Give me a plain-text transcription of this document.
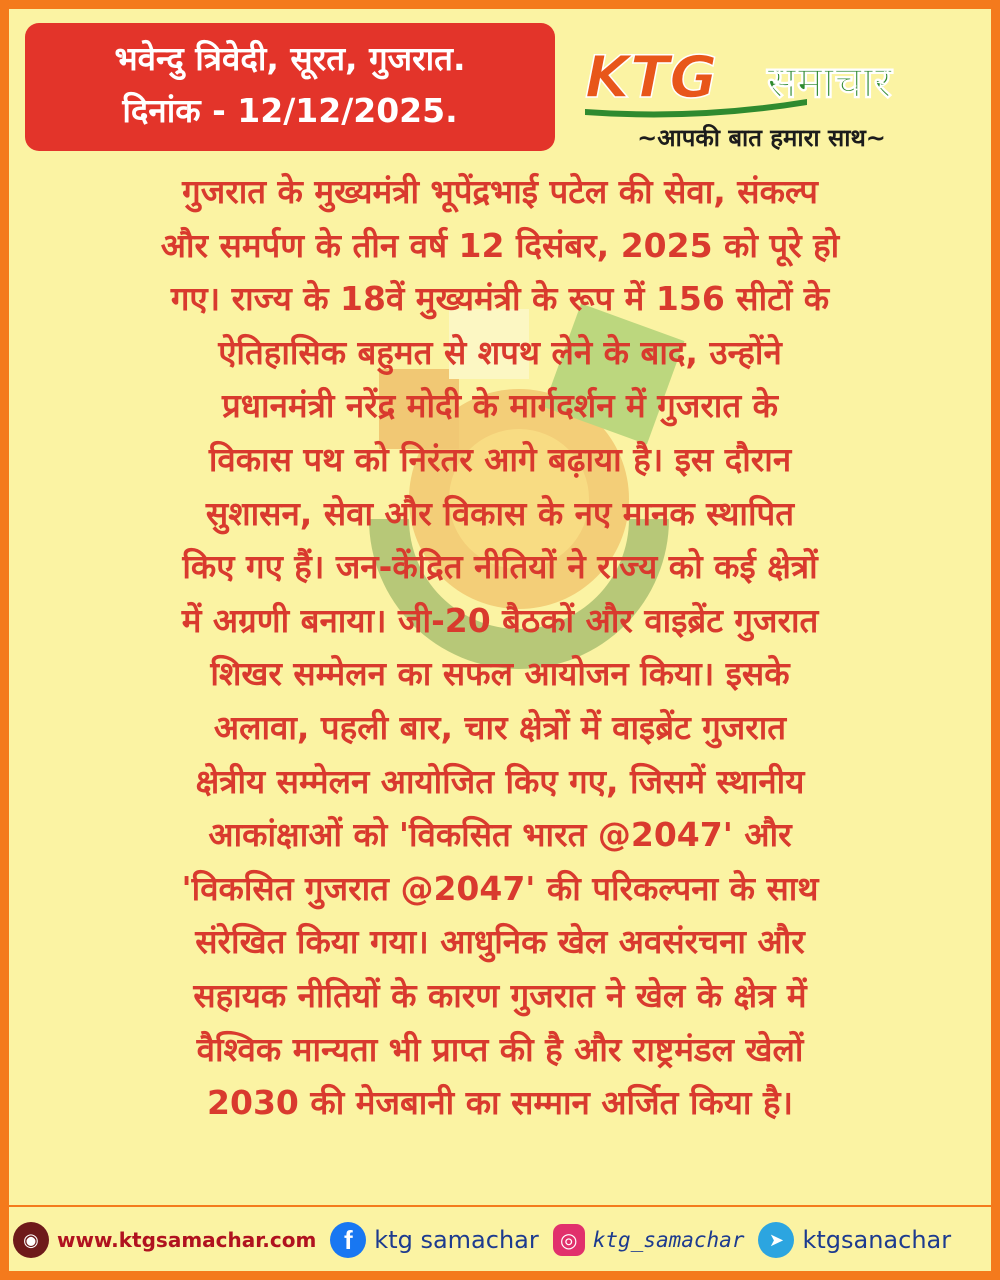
भवेन्दु त्रिवेदी, सूरत, गुजरात.
दिनांक - 12/12/2025.	KTG समाचार
~आपकी बात हमारा साथ~
गुजरात के मुख्यमंत्री भूपेंद्रभाई पटेल की सेवा, संकल्प
और समर्पण के तीन वर्ष 12 दिसंबर, 2025 को पूरे हो
गए। राज्य के 18वें मुख्यमंत्री के रूप में 156 सीटों के
ऐतिहासिक बहुमत से शपथ लेने के बाद, उन्होंने
प्रधानमंत्री नरेंद्र मोदी के मार्गदर्शन में गुजरात के
विकास पथ को निरंतर आगे बढ़ाया है। इस दौरान
सुशासन, सेवा और विकास के नए मानक स्थापित
किए गए हैं। जन-केंद्रित नीतियों ने राज्य को कई क्षेत्रों
में अग्रणी बनाया। जी-20 बैठकों और वाइब्रेंट गुजरात
शिखर सम्मेलन का सफल आयोजन किया। इसके
अलावा, पहली बार, चार क्षेत्रों में वाइब्रेंट गुजरात
क्षेत्रीय सम्मेलन आयोजित किए गए, जिसमें स्थानीय
आकांक्षाओं को 'विकसित भारत @2047' और
'विकसित गुजरात @2047' की परिकल्पना के साथ
संरेखित किया गया। आधुनिक खेल अवसंरचना और
सहायक नीतियों के कारण गुजरात ने खेल के क्षेत्र में
वैश्विक मान्यता भी प्राप्त की है और राष्ट्रमंडल खेलों
2030 की मेजबानी का सम्मान अर्जित किया है।
◉ www.ktgsamachar.com	f ktg samachar	◎ ktg_samachar	➤ ktgsanachar
